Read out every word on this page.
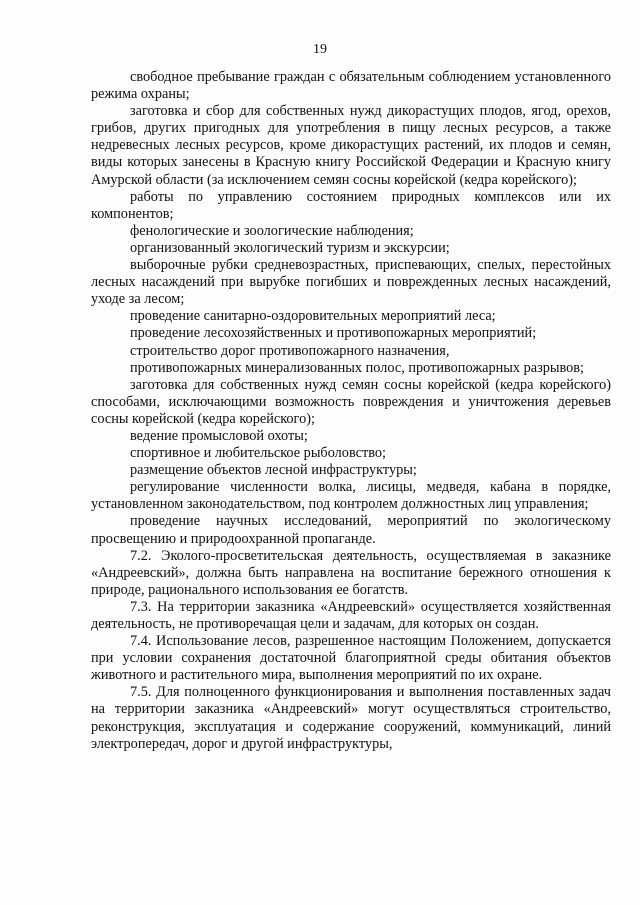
19

свободное пребывание граждан с обязательным соблюдением установленного режима охраны;

заготовка и сбор для собственных нужд дикорастущих плодов, ягод, орехов, грибов, других пригодных для употребления в пищу лесных ресурсов, а также недревесных лесных ресурсов, кроме дикорастущих растений, их плодов и семян, виды которых занесены в Красную книгу Российской Федерации и Красную книгу Амурской области (за исключением семян сосны корейской (кедра корейского);

работы по управлению состоянием природных комплексов или их компонентов;

фенологические и зоологические наблюдения;

организованный экологический туризм и экскурсии;

выборочные рубки средневозрастных, приспевающих, спелых, перестойных лесных насаждений при вырубке погибших и поврежденных лесных насаждений, уходе за лесом;

проведение санитарно-оздоровительных мероприятий леса;

проведение лесохозяйственных и противопожарных мероприятий;

строительство дорог противопожарного назначения,

противопожарных минерализованных полос, противопожарных разрывов;

заготовка для собственных нужд семян сосны корейской (кедра корейского) способами, исключающими возможность повреждения и уничтожения деревьев сосны корейской (кедра корейского);

ведение промысловой охоты;

спортивное и любительское рыболовство;

размещение объектов лесной инфраструктуры;

регулирование численности волка, лисицы, медведя, кабана в порядке, установленном законодательством, под контролем должностных лиц управления;

проведение научных исследований, мероприятий по экологическому просвещению и природоохранной пропаганде.

7.2. Эколого-просветительская деятельность, осуществляемая в заказнике «Андреевский», должна быть направлена на воспитание бережного отношения к природе, рационального использования ее богатств.

7.3. На территории заказника «Андреевский» осуществляется хозяйственная деятельность, не противоречащая цели и задачам, для которых он создан.

7.4. Использование лесов, разрешенное настоящим Положением, допускается при условии сохранения достаточной благоприятной среды обитания объектов животного и растительного мира, выполнения мероприятий по их охране.

7.5. Для полноценного функционирования и выполнения поставленных задач на территории заказника «Андреевский» могут осуществляться строительство, реконструкция, эксплуатация и содержание сооружений, коммуникаций, линий электропередач, дорог и другой инфраструктуры,
